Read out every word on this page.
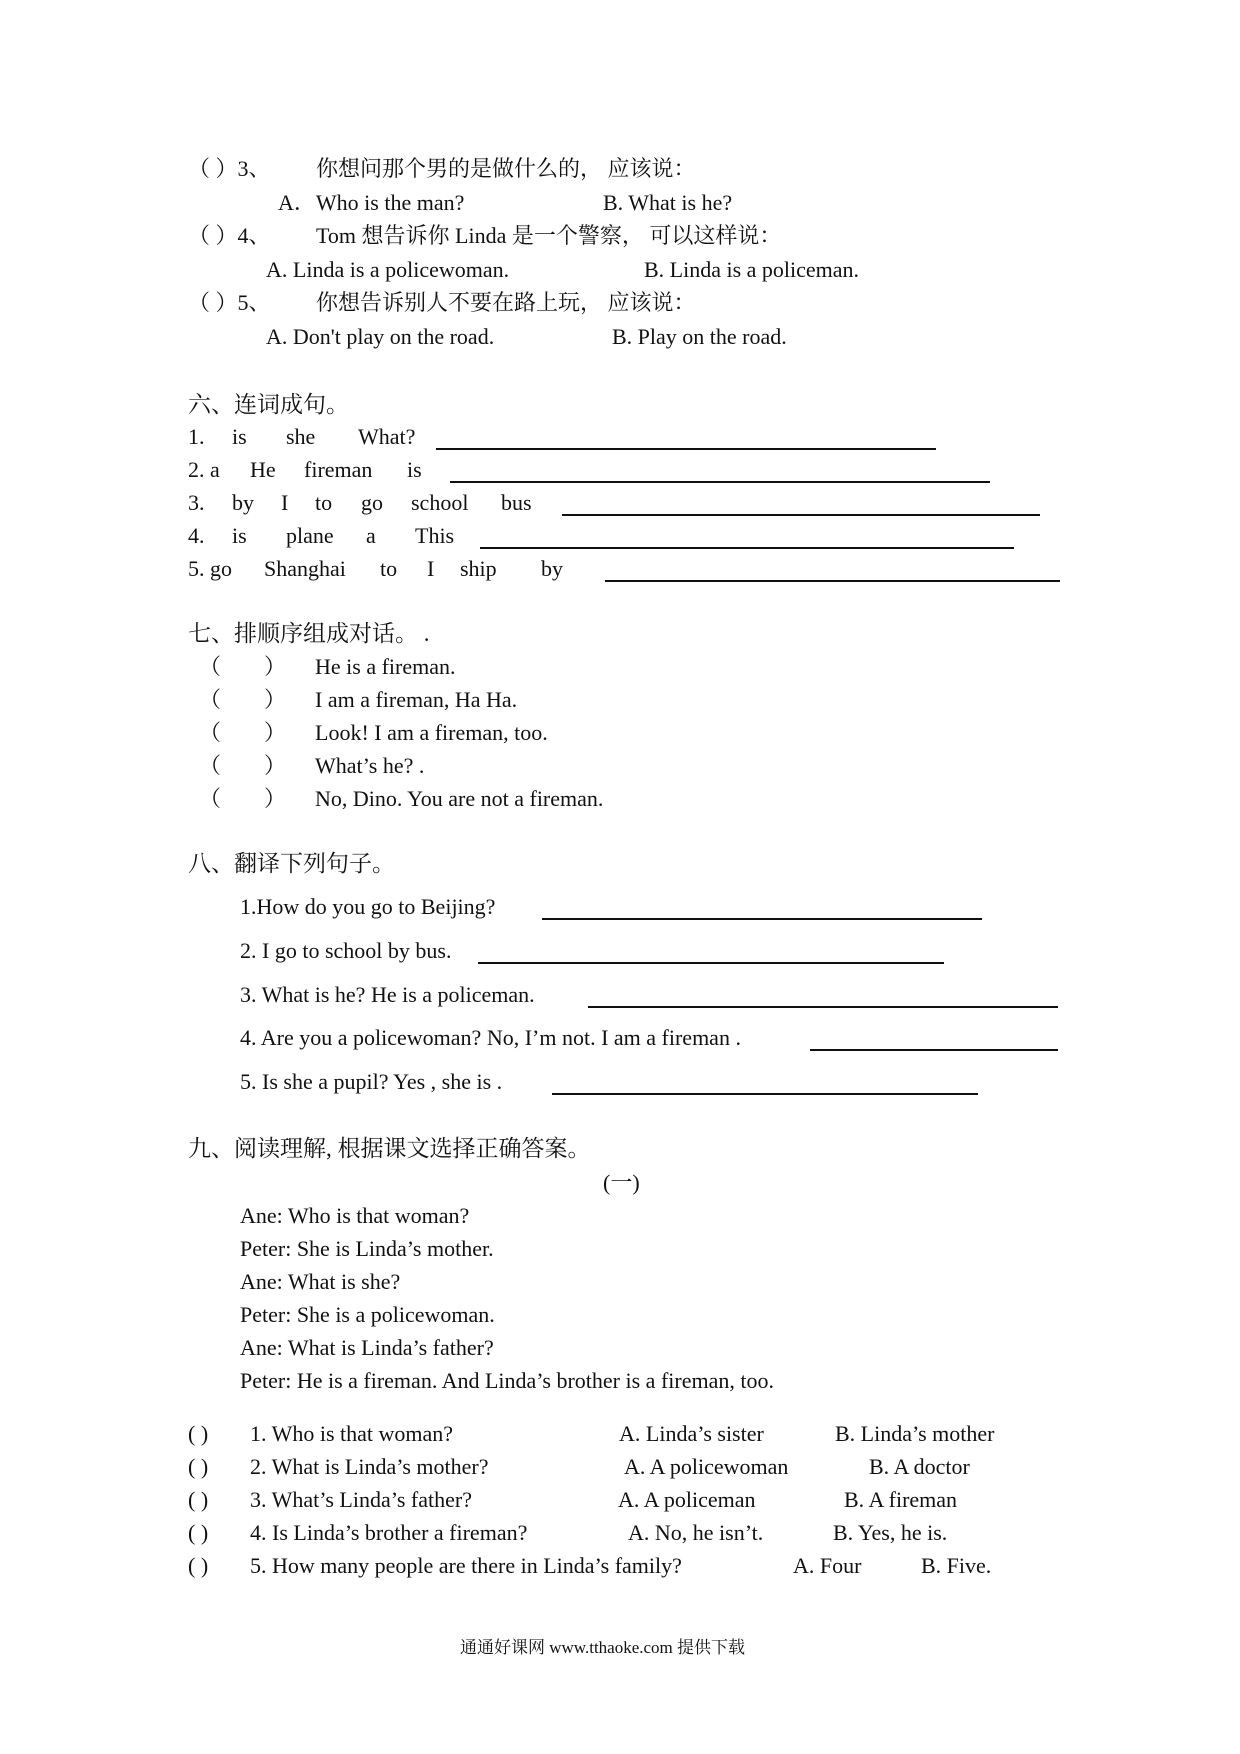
（ ）3、 你想问那个男的是做什么的， 应该说：
A．Who is the man?	B. What is he?
（ ）4、 Tom 想告诉你 Linda 是一个警察， 可以这样说：
A. Linda is a policewoman.	B. Linda is a policeman.
（ ）5、 你想告诉别人不要在路上玩， 应该说：
A. Don't play on the road.	B. Play on the road.
六、连词成句。
1. is she What?
2. a He fireman is
3. by I to go school bus
4. is plane a This
5. go Shanghai to I ship by
七、排顺序组成对话。 .
（ ） He is a fireman.
（ ） I am a fireman, Ha Ha.
（ ） Look! I am a fireman, too.
（ ） What’s he? .
（ ） No, Dino. You are not a fireman.
八、翻译下列句子。
1.How do you go to Beijing?
2. I go to school by bus.
3. What is he? He is a policeman.
4. Are you a policewoman? No, I’m not. I am a fireman .
5. Is she a pupil? Yes , she is .
九、阅读理解, 根据课文选择正确答案。
(一)
Ane: Who is that woman?
Peter: She is Linda’s mother.
Ane: What is she?
Peter: She is a policewoman.
Ane: What is Linda’s father?
Peter: He is a fireman. And Linda’s brother is a fireman, too.
( ) 1. Who is that woman?	A. Linda’s sister	B. Linda’s mother
( ) 2. What is Linda’s mother?	A. A policewoman	B. A doctor
( ) 3. What’s Linda’s father?	A. A policeman	B. A fireman
( ) 4. Is Linda’s brother a fireman?	A. No, he isn’t.	B. Yes, he is.
( ) 5. How many people are there in Linda’s family?	A. Four	B. Five.
通通好课网 www.tthaoke.com 提供下载
